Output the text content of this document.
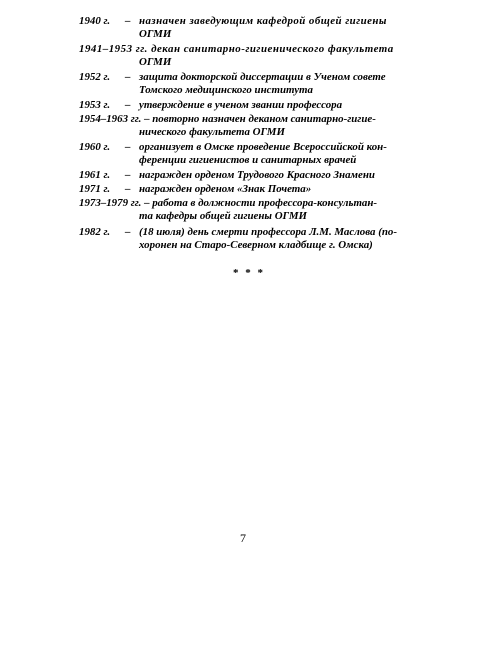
1940 г. – назначен заведующим кафедрой общей гигиены
ОГМИ
1941–1953 гг. декан санитарно-гигиенического факультета
ОГМИ
1952 г. – защита докторской диссертации в Ученом совете
Томского медицинского института
1953 г. – утверждение в ученом звании профессора
1954–1963 гг. – повторно назначен деканом санитарно-гигие-
нического факультета ОГМИ
1960 г. – организует в Омске проведение Всероссийской кон-
ференции гигиенистов и санитарных врачей
1961 г. – награжден орденом Трудового Красного Знамени
1971 г. – награжден орденом «Знак Почета»
1973–1979 гг. – работа в должности профессора-консультан-
та кафедры общей гигиены ОГМИ
1982 г. – (18 июля) день смерти профессора Л.М. Маслова (по-
хоронен на Старо-Северном кладбище г. Омска)
* * *
7
